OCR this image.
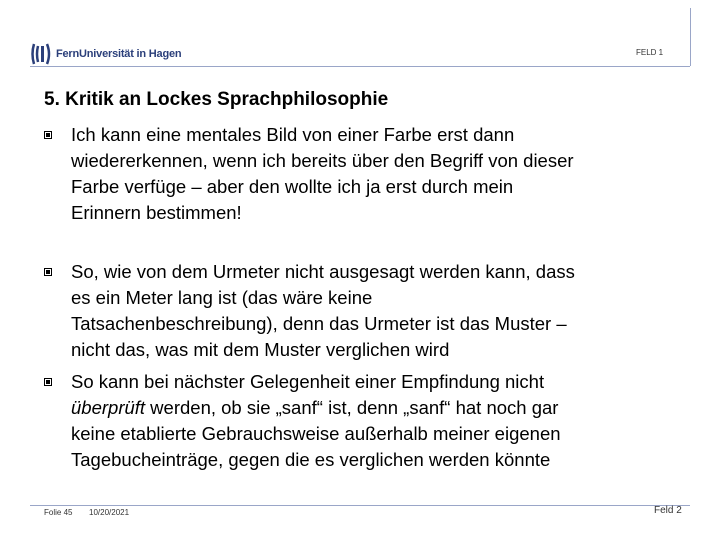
FernUniversität in Hagen	FELD 1
5. Kritik an Lockes Sprachphilosophie
Ich kann eine mentales Bild von einer Farbe erst dann
wiedererkennen, wenn ich bereits über den Begriff von dieser
Farbe verfüge – aber den wollte ich ja erst durch mein
Erinnern bestimmen!
So, wie von dem Urmeter nicht ausgesagt werden kann, dass
es ein Meter lang ist (das wäre keine
Tatsachenbeschreibung), denn das Urmeter ist das Muster –
nicht das, was mit dem Muster verglichen wird
So kann bei nächster Gelegenheit einer Empfindung nicht
überprüft werden, ob sie „sanf“ ist, denn „sanf“ hat noch gar
keine etablierte Gebrauchsweise außerhalb meiner eigenen
Tagebucheinträge, gegen die es verglichen werden könnte
Folie 45 10/20/2021	Feld 2
